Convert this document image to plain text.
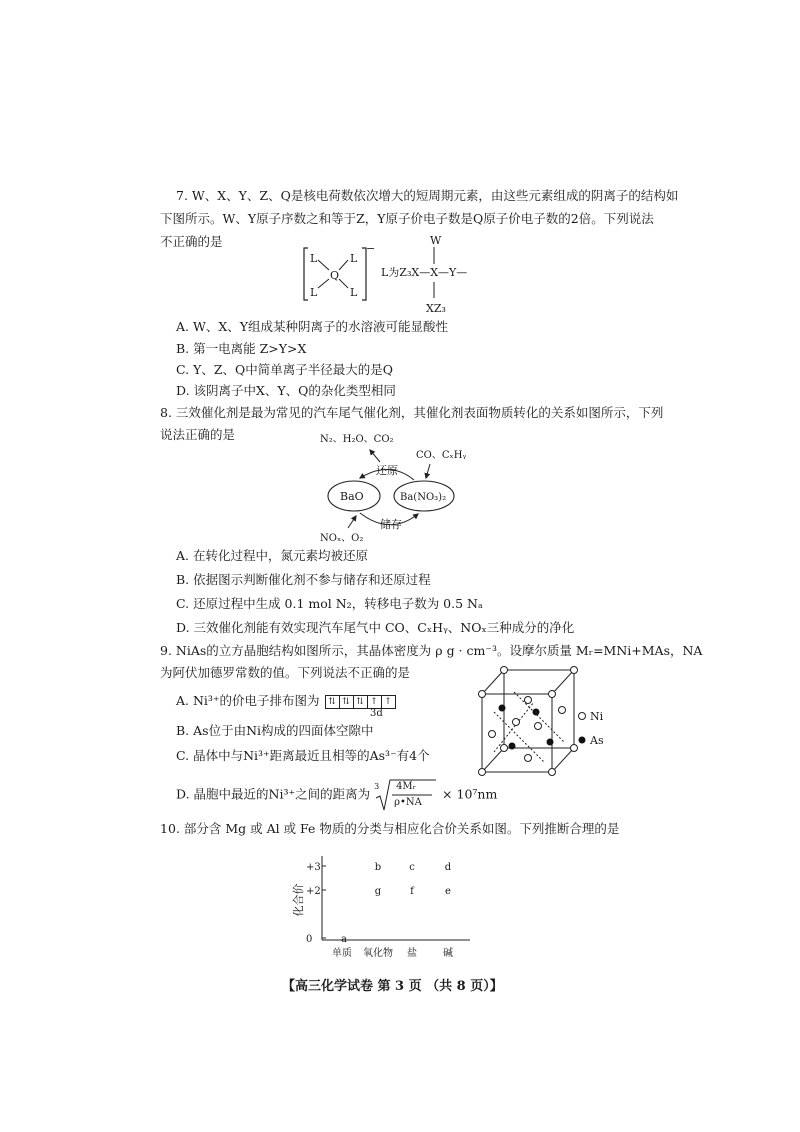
7. W、X、Y、Z、Q是核电荷数依次增大的短周期元素，由这些元素组成的阴离子的结构如
下图所示。W、Y原子序数之和等于Z，Y原子价电子数是Q原子价电子数的2倍。下列说法
不正确的是	−
L	L
L	L
Q
W
L为Z₃X—X—Y—
XZ₃
A. W、X、Y组成某种阴离子的水溶液可能显酸性
B. 第一电离能 Z>Y>X
C. Y、Z、Q中简单离子半径最大的是Q
D. 该阴离子中X、Y、Q的杂化类型相同
8. 三效催化剂是最为常见的汽车尾气催化剂，其催化剂表面物质转化的关系如图所示，下列
说法正确的是	N₂、H₂O、CO₂
CO、CₓHᵧ
BaO	Ba(NO₃)₂
还原
储存
NOₓ、O₂
A. 在转化过程中，氮元素均被还原
B. 依据图示判断催化剂不参与储存和还原过程
C. 还原过程中生成 0.1 mol N₂，转移电子数为 0.5 Nₐ
D. 三效催化剂能有效实现汽车尾气中 CO、CₓHᵧ、NOₓ三种成分的净化
9. NiAs的立方晶胞结构如图所示，其晶体密度为 ρ g · cm⁻³。设摩尔质量 Mᵣ=MNi+MAs，NA
为阿伏加德罗常数的值。下列说法不正确的是
A. Ni³⁺的价电子排布图为 ⇅ ⇅ ⇅ ↑ ↑
3d
B. As位于由Ni构成的四面体空隙中
C. 晶体中与Ni³⁺距离最近且相等的As³⁻有4个
D. 晶胞中最近的Ni³⁺之间的距离为 3 4Mᵣ
ρ•NA
× 10⁷nm
Ni
As
10. 部分含 Mg 或 Al 或 Fe 物质的分类与相应化合价关系如图。下列推断合理的是
化合价
+3
+2
0
单质 氧化物 盐	碱
a
b	c	d
g	f	e
【高三化学试卷 第 3 页 （共 8 页）】
